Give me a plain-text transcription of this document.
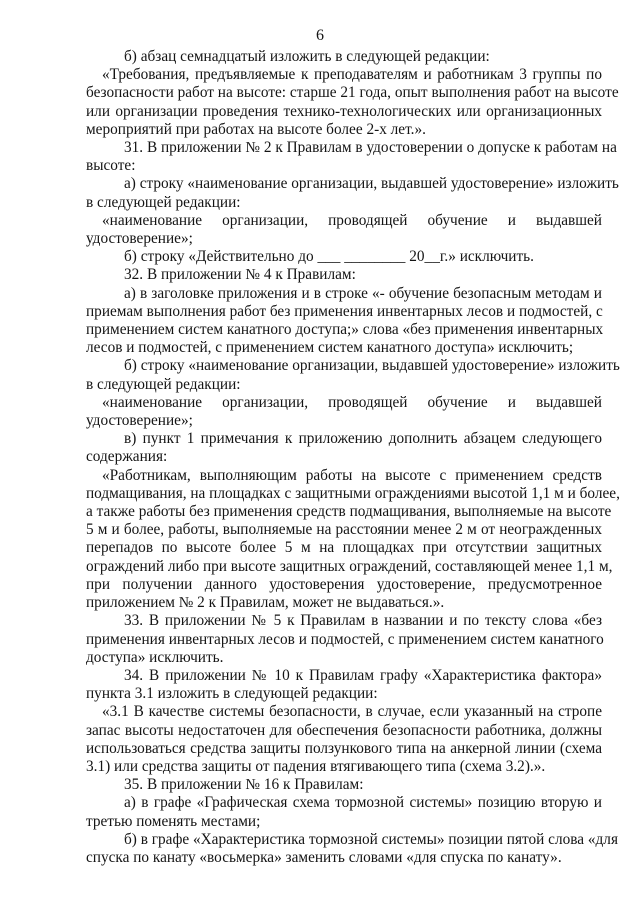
6
б) абзац семнадцатый изложить в следующей редакции:
«Требования, предъявляемые к преподавателям и работникам 3 группы по
безопасности работ на высоте: старше 21 года, опыт выполнения работ на высоте
или организации проведения технико-технологических или организационных
мероприятий при работах на высоте более 2-х лет.».
31. В приложении № 2 к Правилам в удостоверении о допуске к работам на
высоте:
а) строку «наименование организации, выдавшей удостоверение» изложить
в следующей редакции:
«наименование организации, проводящей обучение и выдавшей
удостоверение»;
б) строку «Действительно до ___ ________ 20__г.» исключить.
32. В приложении № 4 к Правилам:
а) в заголовке приложения и в строке «- обучение безопасным методам и
приемам выполнения работ без применения инвентарных лесов и подмостей, с
применением систем канатного доступа;» слова «без применения инвентарных
лесов и подмостей, с применением систем канатного доступа» исключить;
б) строку «наименование организации, выдавшей удостоверение» изложить
в следующей редакции:
«наименование организации, проводящей обучение и выдавшей
удостоверение»;
в) пункт 1 примечания к приложению дополнить абзацем следующего
содержания:
«Работникам, выполняющим работы на высоте с применением средств
подмащивания, на площадках с защитными ограждениями высотой 1,1 м и более,
а также работы без применения средств подмащивания, выполняемые на высоте
5 м и более, работы, выполняемые на расстоянии менее 2 м от неогражденных
перепадов по высоте более 5 м на площадках при отсутствии защитных
ограждений либо при высоте защитных ограждений, составляющей менее 1,1 м,
при получении данного удостоверения удостоверение, предусмотренное
приложением № 2 к Правилам, может не выдаваться.».
33. В приложении № 5 к Правилам в названии и по тексту слова «без
применения инвентарных лесов и подмостей, с применением систем канатного
доступа» исключить.
34. В приложении № 10 к Правилам графу «Характеристика фактора»
пункта 3.1 изложить в следующей редакции:
«3.1 В качестве системы безопасности, в случае, если указанный на стропе
запас высоты недостаточен для обеспечения безопасности работника, должны
использоваться средства защиты ползункового типа на анкерной линии (схема
3.1) или средства защиты от падения втягивающего типа (схема 3.2).».
35. В приложении № 16 к Правилам:
а) в графе «Графическая схема тормозной системы» позицию вторую и
третью поменять местами;
б) в графе «Характеристика тормозной системы» позиции пятой слова «для
спуска по канату «восьмерка» заменить словами «для спуска по канату».
